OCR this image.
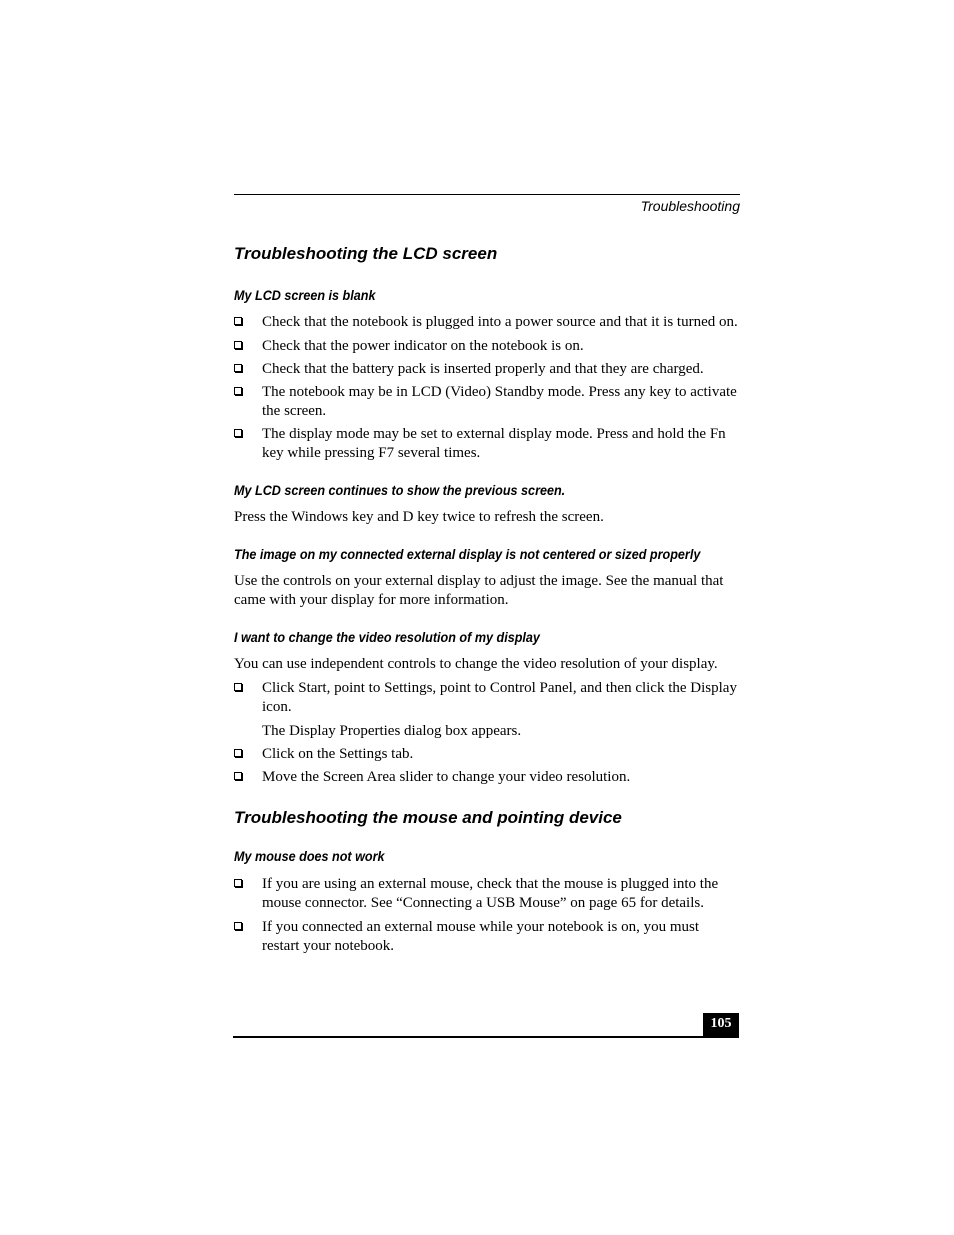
Troubleshooting
Troubleshooting the LCD screen
My LCD screen is blank
Check that the notebook is plugged into a power source and that it is turned on.
Check that the power indicator on the notebook is on.
Check that the battery pack is inserted properly and that they are charged.
The notebook may be in LCD (Video) Standby mode. Press any key to activate the screen.
The display mode may be set to external display mode. Press and hold the Fn key while pressing F7 several times.
My LCD screen continues to show the previous screen.

Press the Windows key and D key twice to refresh the screen.

The image on my connected external display is not centered or sized properly

Use the controls on your external display to adjust the image. See the manual that came with your display for more information.

I want to change the video resolution of my display

You can use independent controls to change the video resolution of your display.

Click Start, point to Settings, point to Control Panel, and then click the Display icon.
The Display Properties dialog box appears.
Click on the Settings tab.
Move the Screen Area slider to change your video resolution.
Troubleshooting the mouse and pointing device
My mouse does not work
If you are using an external mouse, check that the mouse is plugged into the mouse connector. See “Connecting a USB Mouse” on page 65 for details.
If you connected an external mouse while your notebook is on, you must restart your notebook.
105
